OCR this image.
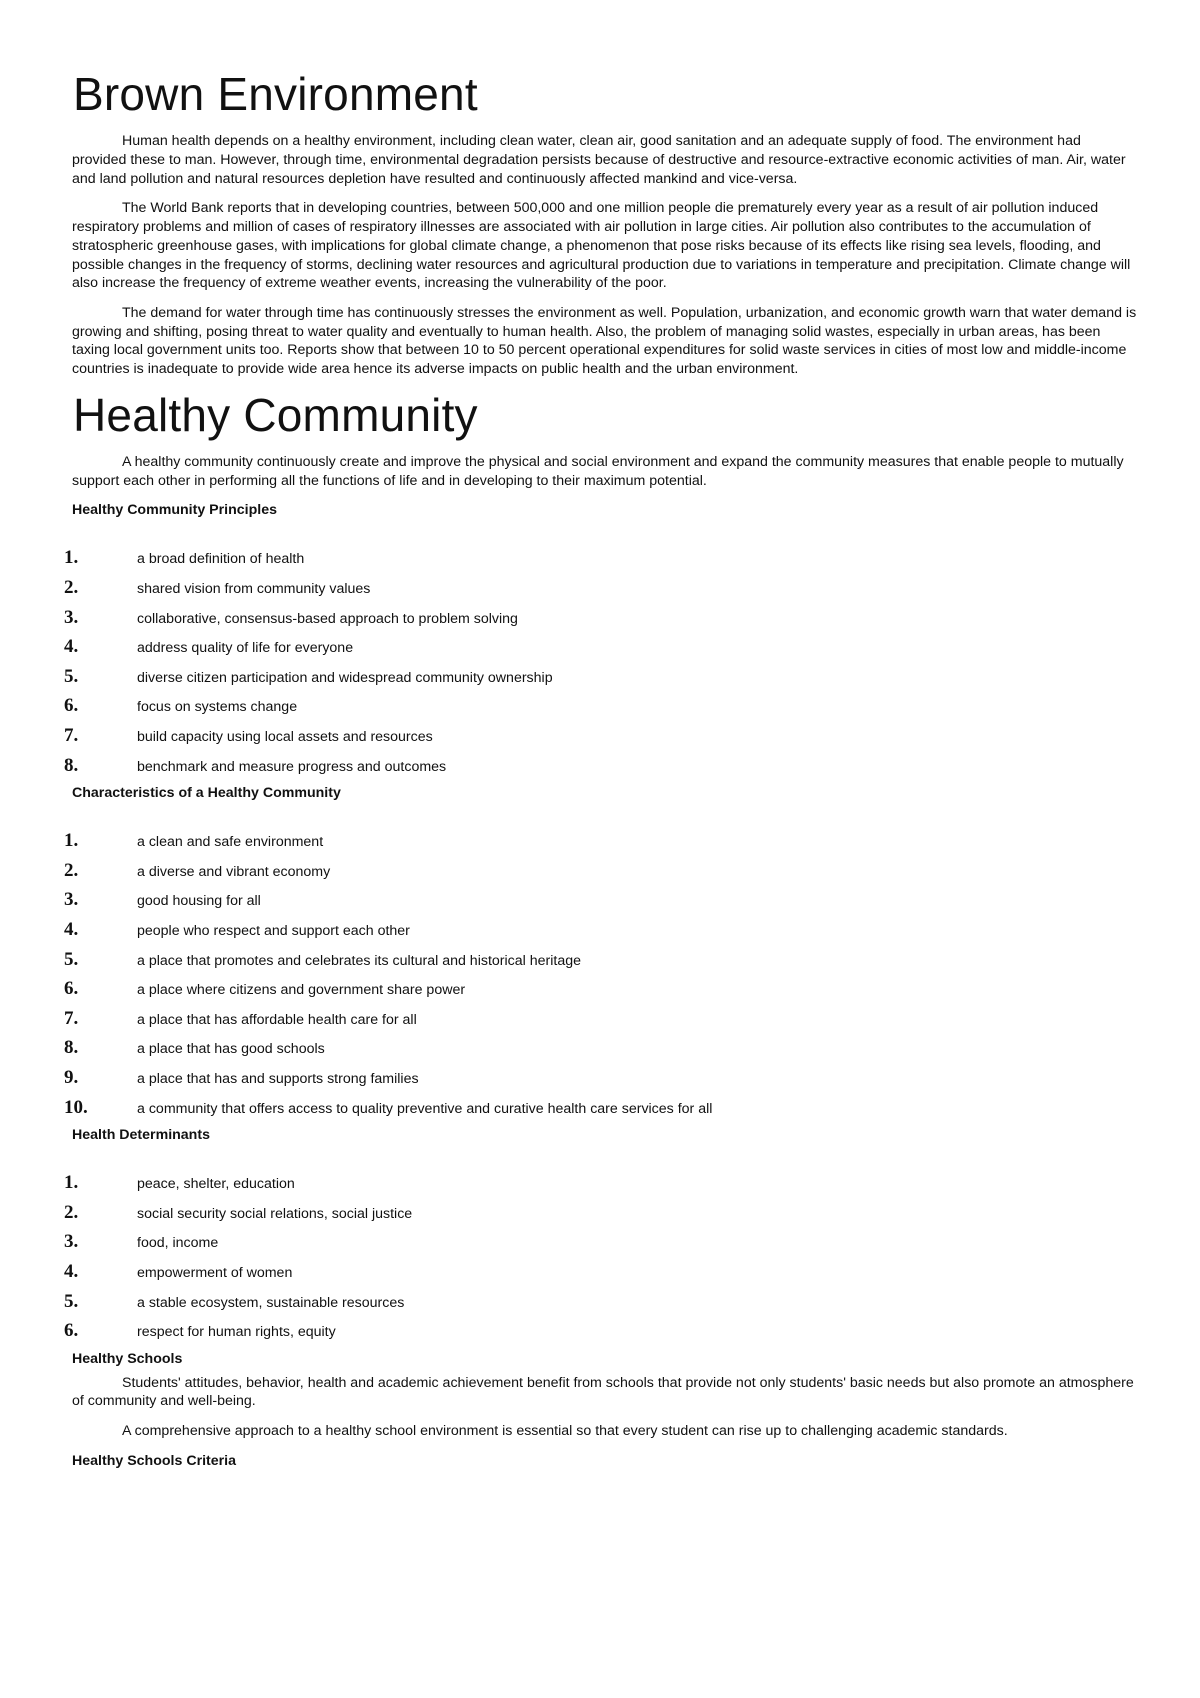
Brown Environment

Human health depends on a healthy environment, including clean water, clean air, good sanitation and an adequate supply of food. The environment had provided these to man. However, through time, environmental degradation persists because of destructive and resource-extractive economic activities of man. Air, water and land pollution and natural resources depletion have resulted and continuously affected mankind and vice-versa.

The World Bank reports that in developing countries, between 500,000 and one million people die prematurely every year as a result of air pollution induced respiratory problems and million of cases of respiratory illnesses are associated with air pollution in large cities. Air pollution also contributes to the accumulation of stratospheric greenhouse gases, with implications for global climate change, a phenomenon that pose risks because of its effects like rising sea levels, flooding, and possible changes in the frequency of storms, declining water resources and agricultural production due to variations in temperature and precipitation. Climate change will also increase the frequency of extreme weather events, increasing the vulnerability of the poor.

The demand for water through time has continuously stresses the environment as well. Population, urbanization, and economic growth warn that water demand is growing and shifting, posing threat to water quality and eventually to human health. Also, the problem of managing solid wastes, especially in urban areas, has been taxing local government units too. Reports show that between 10 to 50 percent operational expenditures for solid waste services in cities of most low and middle-income countries is inadequate to provide wide area hence its adverse impacts on public health and the urban environment.

Healthy Community

A healthy community continuously create and improve the physical and social environment and expand the community measures that enable people to mutually support each other in performing all the functions of life and in developing to their maximum potential.

Healthy Community Principles
1.	a broad definition of health
2.	shared vision from community values
3.	collaborative, consensus-based approach to problem solving
4.	address quality of life for everyone
5.	diverse citizen participation and widespread community ownership
6.	focus on systems change
7.	build capacity using local assets and resources
8.	benchmark and measure progress and outcomes
Characteristics of a Healthy Community
1.	a clean and safe environment
2.	a diverse and vibrant economy
3.	good housing for all
4.	people who respect and support each other
5.	a place that promotes and celebrates its cultural and historical heritage
6.	a place where citizens and government share power
7.	a place that has affordable health care for all
8.	a place that has good schools
9.	a place that has and supports strong families
10.	a community that offers access to quality preventive and curative health care services for all
Health Determinants
1.	peace, shelter, education
2.	social security social relations, social justice
3.	food, income
4.	empowerment of women
5.	a stable ecosystem, sustainable resources
6.	respect for human rights, equity
Healthy Schools

Students' attitudes, behavior, health and academic achievement benefit from schools that provide not only students' basic needs but also promote an atmosphere of community and well-being.

A comprehensive approach to a healthy school environment is essential so that every student can rise up to challenging academic standards.

Healthy Schools Criteria
